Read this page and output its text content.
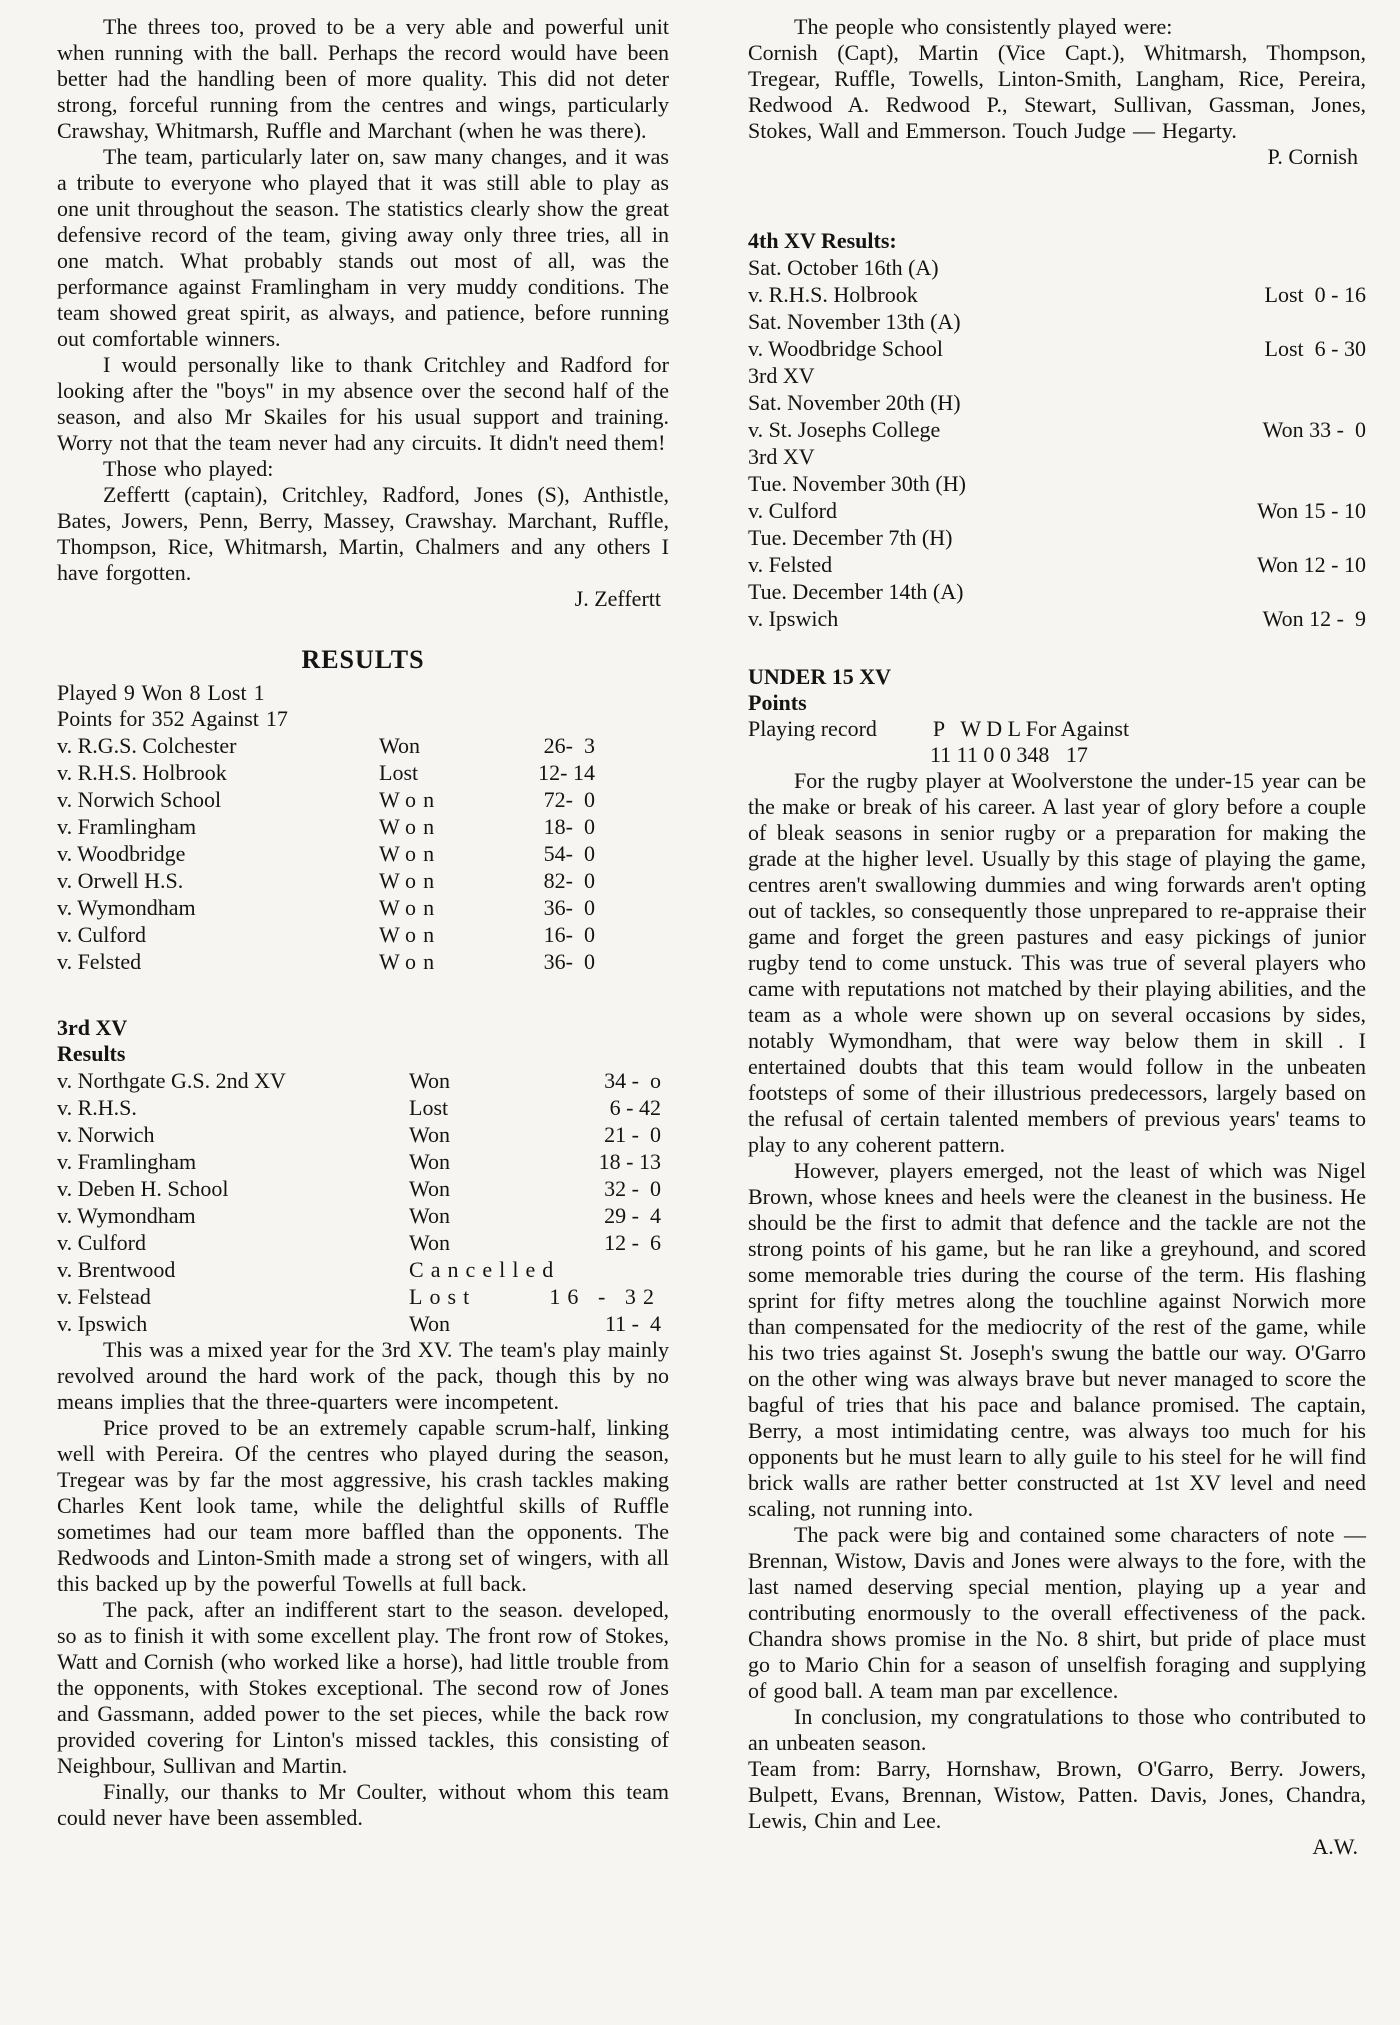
The threes too, proved to be a very able and powerful unit when running with the ball. Perhaps the record would have been better had the handling been of more quality. This did not deter strong, forceful running from the centres and wings, particularly Crawshay, Whitmarsh, Ruffle and Marchant (when he was there).

The team, particularly later on, saw many changes, and it was a tribute to everyone who played that it was still able to play as one unit throughout the season. The statistics clearly show the great defensive record of the team, giving away only three tries, all in one match. What probably stands out most of all, was the performance against Framlingham in very muddy conditions. The team showed great spirit, as always, and patience, before running out comfortable winners.

I would personally like to thank Critchley and Radford for looking after the ''boys'' in my absence over the second half of the season, and also Mr Skailes for his usual support and training. Worry not that the team never had any circuits. It didn't need them!

Those who played:

Zeffertt (captain), Critchley, Radford, Jones (S), Anthistle, Bates, Jowers, Penn, Berry, Massey, Crawshay. Marchant, Ruffle, Thompson, Rice, Whitmarsh, Martin, Chalmers and any others I have forgotten.

J. Zeffertt

RESULTS

Played 9 Won 8 Lost 1

Points for 352 Against 17

v. R.G.S. Colchester	Won	26-  3
v. R.H.S. Holbrook	Lost	12- 14
v. Norwich School	Won	72-  0
v. Framlingham	Won	18-  0
v. Woodbridge	Won	54-  0
v. Orwell H.S.	Won	82-  0
v. Wymondham	Won	36-  0
v. Culford	Won	16-  0
v. Felsted	Won	36-  0
3rd XV
Results
v. Northgate G.S. 2nd XV	Won	34 -  o
v. R.H.S.	Lost	6 - 42
v. Norwich	Won	21 -  0
v. Framlingham	Won	18 - 13
v. Deben H. School	Won	32 -  0
v. Wymondham	Won	29 -  4
v. Culford	Won	12 -  6
v. Brentwood	Cancelled
v. Felstead	Lost	16 - 32
v. Ipswich	Won	11 -  4

This was a mixed year for the 3rd XV. The team's play mainly revolved around the hard work of the pack, though this by no means implies that the three-quarters were incompetent.

Price proved to be an extremely capable scrum-half, linking well with Pereira. Of the centres who played during the season, Tregear was by far the most aggressive, his crash tackles making Charles Kent look tame, while the delightful skills of Ruffle sometimes had our team more baffled than the opponents. The Redwoods and Linton-Smith made a strong set of wingers, with all this backed up by the powerful Towells at full back.

The pack, after an indifferent start to the season. developed, so as to finish it with some excellent play. The front row of Stokes, Watt and Cornish (who worked like a horse), had little trouble from the opponents, with Stokes exceptional. The second row of Jones and Gassmann, added power to the set pieces, while the back row provided covering for Linton's missed tackles, this consisting of Neighbour, Sullivan and Martin.

Finally, our thanks to Mr Coulter, without whom this team could never have been assembled.

The people who consistently played were:

Cornish (Capt), Martin (Vice Capt.), Whitmarsh, Thompson, Tregear, Ruffle, Towells, Linton-Smith, Langham, Rice, Pereira, Redwood A. Redwood P., Stewart, Sullivan, Gassman, Jones, Stokes, Wall and Emmerson. Touch Judge — Hegarty.

P. Cornish

4th XV Results:
Sat. October 16th (A)
v. R.H.S. Holbrook	Lost  0 - 16
Sat. November 13th (A)
v. Woodbridge School	Lost  6 - 30
3rd XV
Sat. November 20th (H)
v. St. Josephs College	Won 33 -  0
3rd XV
Tue. November 30th (H)
v. Culford	Won 15 - 10
Tue. December 7th (H)
v. Felsted	Won 12 - 10
Tue. December 14th (A)
v. Ipswich	Won 12 -  9
UNDER 15 XV
Points
Playing record	P   W D L For Against
11 11 0 0 348   17

For the rugby player at Woolverstone the under-15 year can be the make or break of his career. A last year of glory before a couple of bleak seasons in senior rugby or a preparation for making the grade at the higher level. Usually by this stage of playing the game, centres aren't swallowing dummies and wing forwards aren't opting out of tackles, so consequently those unprepared to re-appraise their game and forget the green pastures and easy pickings of junior rugby tend to come unstuck. This was true of several players who came with reputations not matched by their playing abilities, and the team as a whole were shown up on several occasions by sides, notably Wymondham, that were way below them in skill . I entertained doubts that this team would follow in the unbeaten footsteps of some of their illustrious predecessors, largely based on the refusal of certain talented members of previous years' teams to play to any coherent pattern.

However, players emerged, not the least of which was Nigel Brown, whose knees and heels were the cleanest in the business. He should be the first to admit that defence and the tackle are not the strong points of his game, but he ran like a greyhound, and scored some memorable tries during the course of the term. His flashing sprint for fifty metres along the touchline against Norwich more than compensated for the mediocrity of the rest of the game, while his two tries against St. Joseph's swung the battle our way. O'Garro on the other wing was always brave but never managed to score the bagful of tries that his pace and balance promised. The captain, Berry, a most intimidating centre, was always too much for his opponents but he must learn to ally guile to his steel for he will find brick walls are rather better constructed at 1st XV level and need scaling, not running into.

The pack were big and contained some characters of note — Brennan, Wistow, Davis and Jones were always to the fore, with the last named deserving special mention, playing up a year and contributing enormously to the overall effectiveness of the pack. Chandra shows promise in the No. 8 shirt, but pride of place must go to Mario Chin for a season of unselfish foraging and supplying of good ball. A team man par excellence.

In conclusion, my congratulations to those who contributed to an unbeaten season.

Team from: Barry, Hornshaw, Brown, O'Garro, Berry. Jowers, Bulpett, Evans, Brennan, Wistow, Patten. Davis, Jones, Chandra, Lewis, Chin and Lee.

A.W.
